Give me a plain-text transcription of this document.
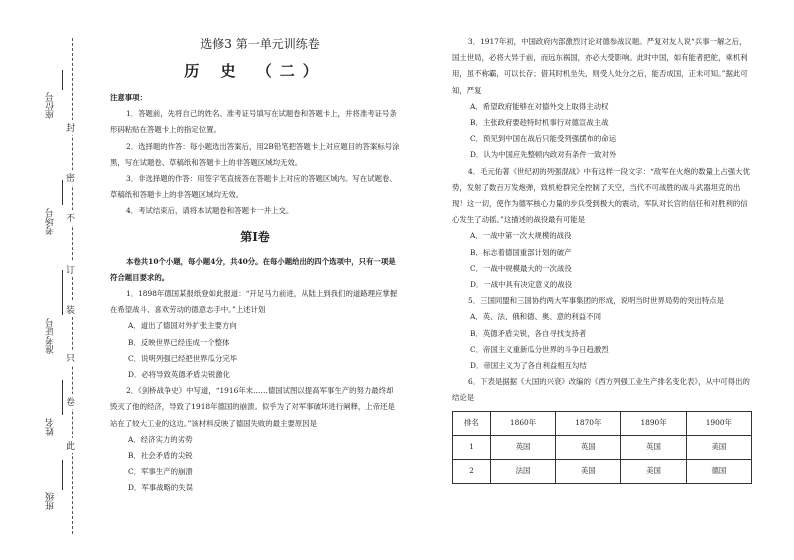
封
密
不
订
装
只
卷
此
座位号
考场号
准考证号
姓名
班级
选修3 第一单元训练卷
历 史 （二）

注意事项：

1．答题前，先将自己的姓名、准考证号填写在试题卷和答题卡上，并将准考证号条形码粘贴在答题卡上的指定位置。

2．选择题的作答：每小题选出答案后，用2B铅笔把答题卡上对应题目的答案标号涂黑，写在试题卷、草稿纸和答题卡上的非答题区域均无效。

3．非选择题的作答：用签字笔直接答在答题卡上对应的答题区域内。写在试题卷、草稿纸和答题卡上的非答题区域均无效。

4．考试结束后，请将本试题卷和答题卡一并上交。

第Ⅰ卷

本卷共10个小题，每小题4分，共40分。在每小题给出的四个选项中，只有一项是符合题目要求的。

1．1898年德国某报纸登如此报道：“开足马力前进，从陆上到我们的道路理应掌握在希望战斗、喜欢劳动的德意志手中。”上述计划

A．道出了德国对外扩张主要方向

B．反映世界已经连成一个整体

C．说明列强已经把世界瓜分完毕

D．必将导致英德矛盾尖锐激化

2．《剑桥战争史》中写道，“1916年末……德国试图以提高军事生产的努力最终却毁灭了他的经济，导致了1918年德国的崩溃。似乎为了对军事破坏进行阐释，上帝还是站在了较大工业的这边。”该材料反映了德国失败的最主要原因是

A．经济实力的劣势

B．社会矛盾的尖锐

C．军事生产的崩溃

D．军事战略的失误

3．1917年初，中国政府内部激烈讨论对德参战议题。严复对友人说“兵事一解之后，国土世局，必将大异于前，而远东祸国，亦必大受影响。此时中国，如有能者把舵，乘机利用，虽不称霸，可以长存；借其时机坐失，则受人处分之后，能否成国，正未可知。”据此可知，严复

A．希望政府能够在对德外交上取得主动权

B．主张政府要趁特时机事行对德宣战主战

C．预见到中国在战后只能受列强摆布的命运

D．认为中国应先整顿内政对有条件一致对外

4．毛元佑著《世纪初的列强混战》中有这样一段文字：“敌军在火炮的数量上占强大优势，发射了数百万发炮弹，致机枪群完全控制了天空，当代不可战胜的战斗武器坦克的出现！这一切，使作为德军核心力量的步兵受到极大的震动，军队对长官的信任和对胜利的信心发生了动摇。”这描述的战役最有可能是

A．一战中第一次大规模的战役

B．标志着德国重部计划的破产

C．一战中规模最大的一次战役

D．一战中具有决定意义的战役

5．三国同盟和三国协约两大军事集团的形成，说明当时世界局势的突出特点是

A．英、法、俄和德、奥、意的利益不同

B．英德矛盾尖锐，各自寻找支持者

C．帝国主义重新瓜分世界的斗争日趋激烈

D．帝国主义为了各自利益相互勾结

6．下表是据据《大国的兴衰》改编的《西方列强工业生产排名变化表》，从中可得出的结论是

排名	1860年	1870年	1890年	1900年
1	英国	英国	英国	美国
2	法国	美国	美国	德国
